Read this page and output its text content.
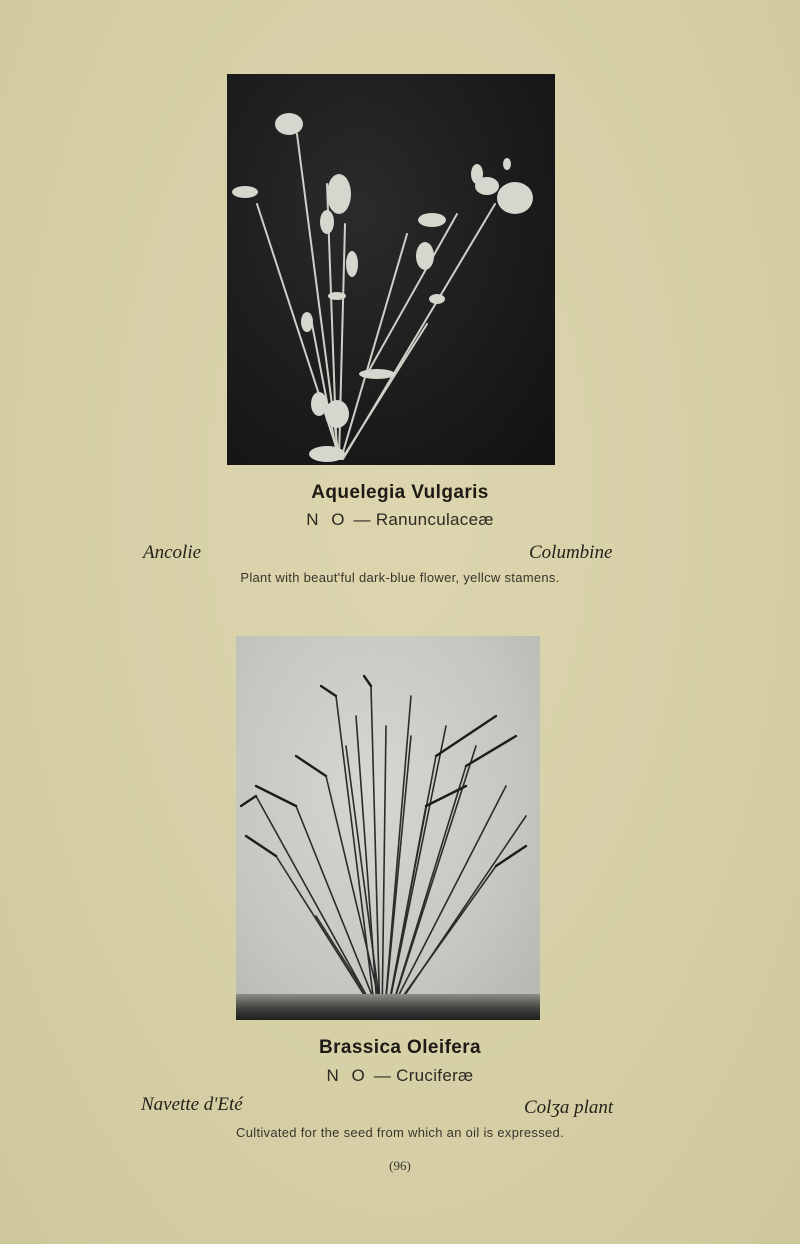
Aquelegia Vulgaris
N O — Ranunculaceæ
Ancolie	Columbine
Plant with beaut'ful dark-blue flower, yellcw stamens.
Brassica Oleifera
N O — Cruciferæ
Navette d'Eté	Colʒa plant
Cultivated for the seed from which an oil is expressed.
(96)
